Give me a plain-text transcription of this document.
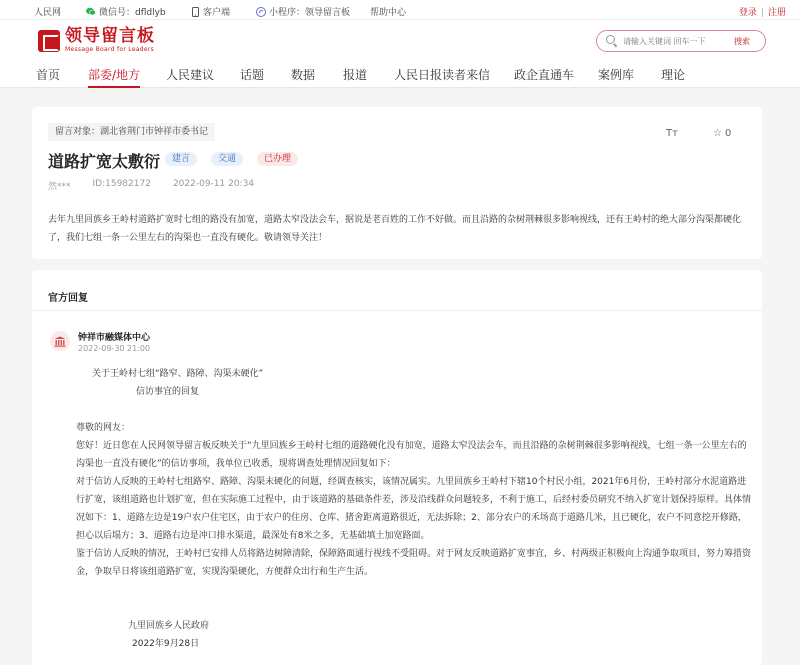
人民网	微信号：dfldlyb	客户端	小程序：领导留言板 帮助中心	登录 | 注册
领导留言板
Message Board for Leaders
请输入关键词 回车一下
搜索
首页 部委/地方 人民建议 话题 数据 报道 人民日报读者来信 政企直通车 案例库 理论
留言对象：湖北省荆门市钟祥市委书记	Tт	☆ 0
道路扩宽太敷衍	建言	交通	已办理
然*** ID:15982172 2022-09-11 20:34
去年九里回族乡王岭村道路扩宽时七组的路没有加宽，道路太窄没法会车，据说是老百姓的工作不好做。而且沿路的杂树荆棘很多影响视线，还有王岭村的绝大部分沟渠都硬化了，我们七组一条一公里左右的沟渠也一直没有硬化。敬请领导关注！
官方回复
钟祥市融媒体中心
2022-09-30 21:00

关于王岭村七组“路窄、路障、沟渠未硬化”

信访事宜的回复

尊敬的网友：

您好！近日您在人民网领导留言板反映关于“九里回族乡王岭村七组的道路硬化没有加宽，道路太窄没法会车，而且沿路的杂树荆棘很多影响视线，七组一条一公里左右的沟渠也一直没有硬化”的信访事项，我单位已收悉，现将调查处理情况回复如下：

对于信访人反映的王岭村七组路窄、路障、沟渠未硬化的问题，经调查核实，该情况属实。九里回族乡王岭村下辖10个村民小组，2021年6月份，王岭村部分水泥道路进行扩宽，该组道路也计划扩宽，但在实际施工过程中，由于该道路的基础条件差，涉及沿线群众问题较多，不利于施工，后经村委员研究不纳入扩宽计划保持原样。具体情况如下：1、道路左边是19户农户住宅区，由于农户的住房、仓库、猪舍距离道路很近，无法拆除；2、部分农户的禾场高于道路几米，且已硬化，农户不同意挖开修路，担心以后塌方；3、道路右边是冲口排水渠道，最深处有8米之多，无基础填土加宽路面。

鉴于信访人反映的情况，王岭村已安排人员将路边树障清除，保障路面通行视线不受阻碍。对于网友反映道路扩宽事宜，乡、村两级正积极向上沟通争取项目，努力筹措资金，争取早日将该组道路扩宽，实现沟渠硬化，方便群众出行和生产生活。

九里回族乡人民政府

2022年9月28日
